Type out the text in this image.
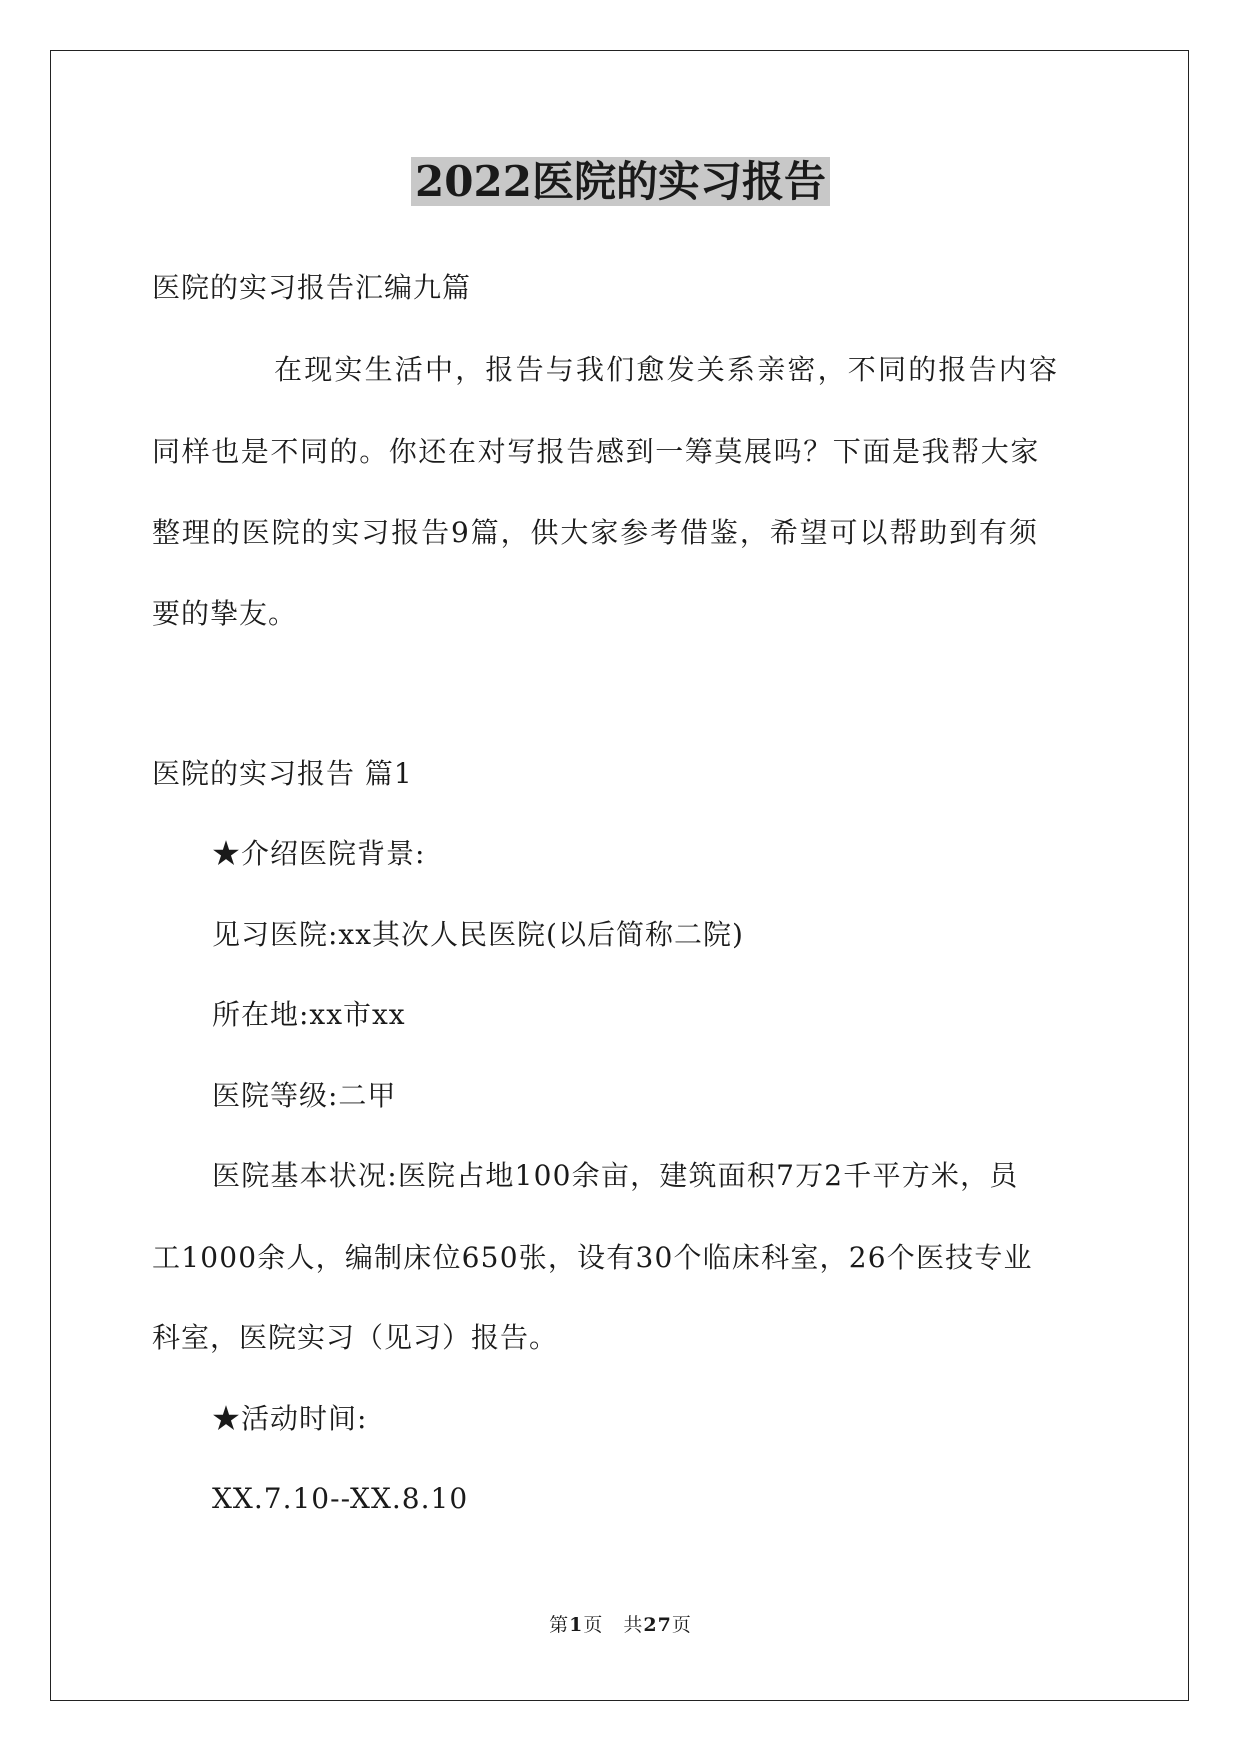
2022医院的实习报告
医院的实习报告汇编九篇
在现实生活中，报告与我们愈发关系亲密，不同的报告内容
同样也是不同的。你还在对写报告感到一筹莫展吗？下面是我帮大家
整理的医院的实习报告9篇，供大家参考借鉴，希望可以帮助到有须
要的挚友。
医院的实习报告 篇1
★介绍医院背景:
见习医院:xx其次人民医院(以后简称二院)
所在地:xx市xx
医院等级:二甲
医院基本状况:医院占地100余亩，建筑面积7万2千平方米，员
工1000余人，编制床位650张，设有30个临床科室，26个医技专业
科室，医院实习（见习）报告。
★活动时间:
XX.7.10--XX.8.10
第1页　共27页
